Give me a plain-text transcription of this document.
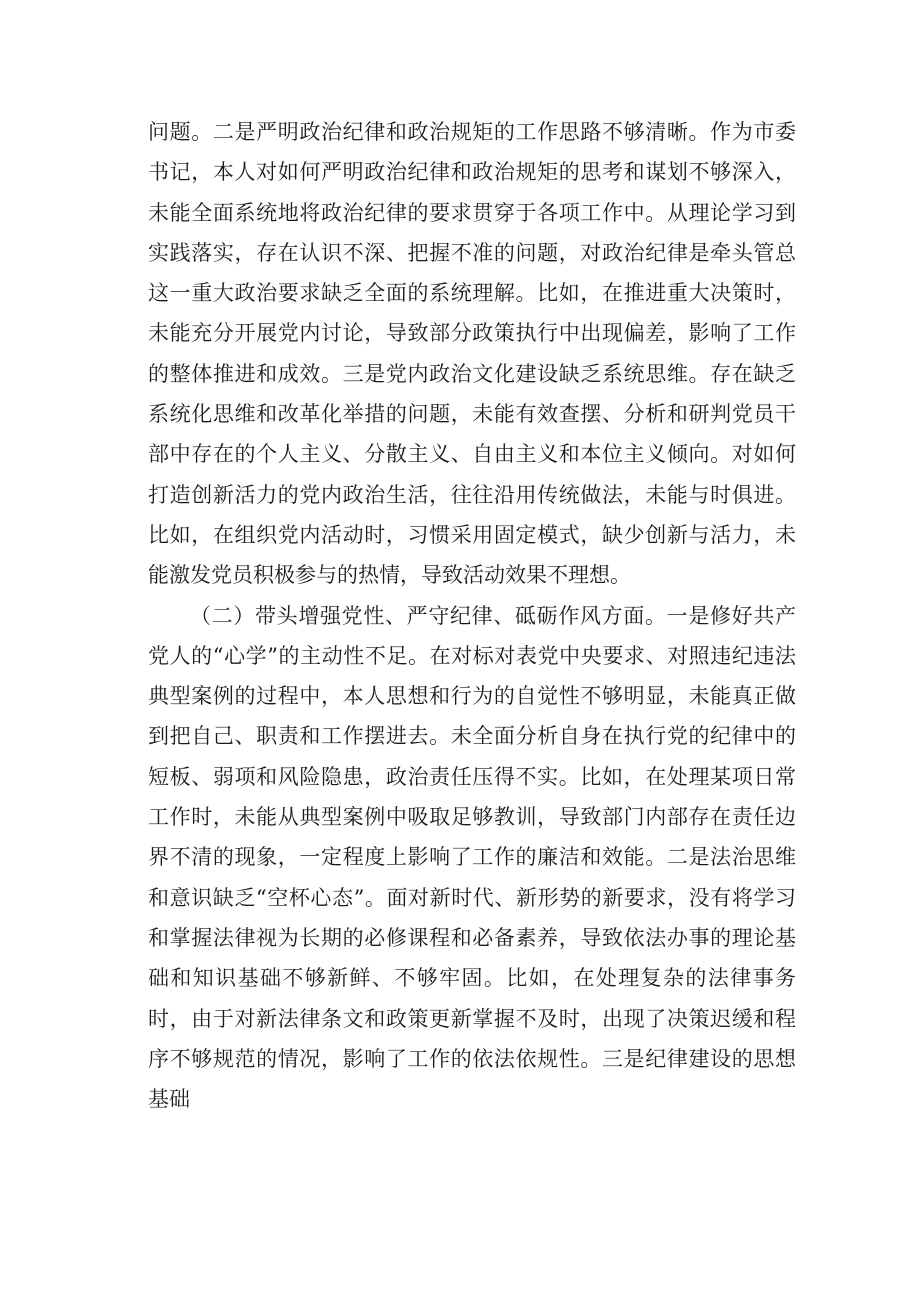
问题。二是严明政治纪律和政治规矩的工作思路不够清晰。作为市委书记，本人对如何严明政治纪律和政治规矩的思考和谋划不够深入，未能全面系统地将政治纪律的要求贯穿于各项工作中。从理论学习到实践落实，存在认识不深、把握不准的问题，对政治纪律是牵头管总这一重大政治要求缺乏全面的系统理解。比如，在推进重大决策时，未能充分开展党内讨论，导致部分政策执行中出现偏差，影响了工作的整体推进和成效。三是党内政治文化建设缺乏系统思维。存在缺乏系统化思维和改革化举措的问题，未能有效查摆、分析和研判党员干部中存在的个人主义、分散主义、自由主义和本位主义倾向。对如何打造创新活力的党内政治生活，往往沿用传统做法，未能与时俱进。比如，在组织党内活动时，习惯采用固定模式，缺少创新与活力，未能激发党员积极参与的热情，导致活动效果不理想。

（二）带头增强党性、严守纪律、砥砺作风方面。一是修好共产党人的“心学”的主动性不足。在对标对表党中央要求、对照违纪违法典型案例的过程中，本人思想和行为的自觉性不够明显，未能真正做到把自己、职责和工作摆进去。未全面分析自身在执行党的纪律中的短板、弱项和风险隐患，政治责任压得不实。比如，在处理某项日常工作时，未能从典型案例中吸取足够教训，导致部门内部存在责任边界不清的现象，一定程度上影响了工作的廉洁和效能。二是法治思维和意识缺乏“空杯心态”。面对新时代、新形势的新要求，没有将学习和掌握法律视为长期的必修课程和必备素养，导致依法办事的理论基础和知识基础不够新鲜、不够牢固。比如，在处理复杂的法律事务时，由于对新法律条文和政策更新掌握不及时，出现了决策迟缓和程序不够规范的情况，影响了工作的依法依规性。三是纪律建设的思想基础
